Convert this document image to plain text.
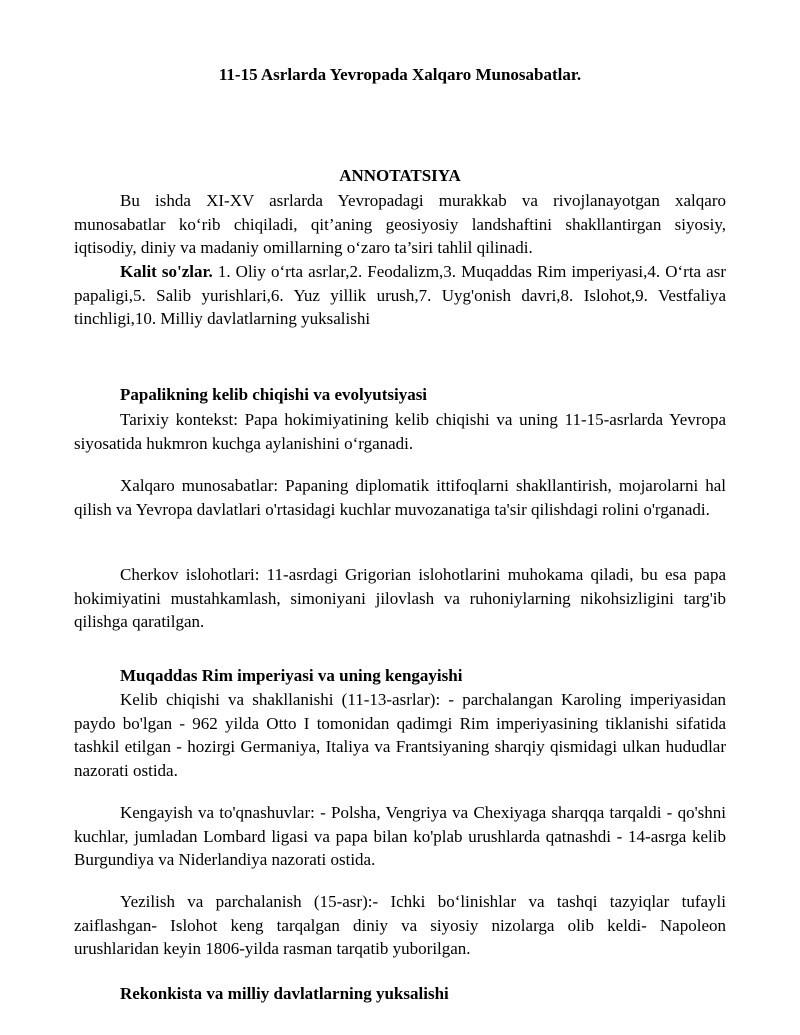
11-15 Asrlarda Yevropada Xalqaro Munosabatlar.
ANNOTATSIYA

Bu ishda XI-XV asrlarda Yevropadagi murakkab va rivojlanayotgan xalqaro munosabatlar ko‘rib chiqiladi, qit’aning geosiyosiy landshaftini shakllantirgan siyosiy, iqtisodiy, diniy va madaniy omillarning o‘zaro ta’siri tahlil qilinadi.

Kalit so'zlar. 1. Oliy o‘rta asrlar,2. Feodalizm,3. Muqaddas Rim imperiyasi,4. O‘rta asr papaligi,5. Salib yurishlari,6. Yuz yillik urush,7. Uyg'onish davri,8. Islohot,9. Vestfaliya tinchligi,10. Milliy davlatlarning yuksalishi

Papalikning kelib chiqishi va evolyutsiyasi

Tarixiy kontekst: Papa hokimiyatining kelib chiqishi va uning 11-15-asrlarda Yevropa siyosatida hukmron kuchga aylanishini o‘rganadi.

Xalqaro munosabatlar: Papaning diplomatik ittifoqlarni shakllantirish, mojarolarni hal qilish va Yevropa davlatlari o'rtasidagi kuchlar muvozanatiga ta'sir qilishdagi rolini o'rganadi.

Cherkov islohotlari: 11-asrdagi Grigorian islohotlarini muhokama qiladi, bu esa papa hokimiyatini mustahkamlash, simoniyani jilovlash va ruhoniylarning nikohsizligini targ'ib qilishga qaratilgan.

Muqaddas Rim imperiyasi va uning kengayishi

Kelib chiqishi va shakllanishi (11-13-asrlar): - parchalangan Karoling imperiyasidan paydo bo'lgan - 962 yilda Otto I tomonidan qadimgi Rim imperiyasining tiklanishi sifatida tashkil etilgan - hozirgi Germaniya, Italiya va Frantsiyaning sharqiy qismidagi ulkan hududlar nazorati ostida.

Kengayish va to'qnashuvlar: - Polsha, Vengriya va Chexiyaga sharqqa tarqaldi - qo'shni kuchlar, jumladan Lombard ligasi va papa bilan ko'plab urushlarda qatnashdi - 14-asrga kelib Burgundiya va Niderlandiya nazorati ostida.

Yezilish va parchalanish (15-asr):- Ichki bo‘linishlar va tashqi tazyiqlar tufayli zaiflashgan- Islohot keng tarqalgan diniy va siyosiy nizolarga olib keldi- Napoleon urushlaridan keyin 1806-yilda rasman tarqatib yuborilgan.

Rekonkista va milliy davlatlarning yuksalishi
